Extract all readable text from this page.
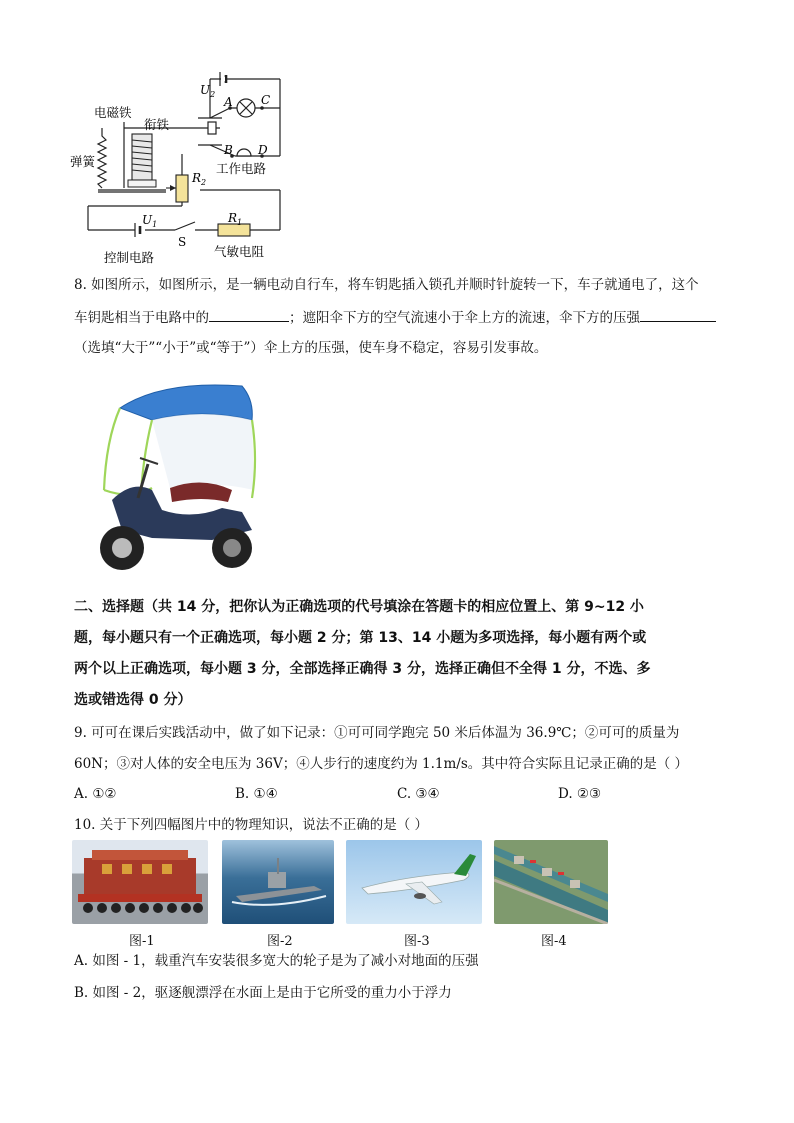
$U_2$
A C
B D
电磁铁
衔铁
弹簧
$R_2$
$U_1$
S
$R_1$
工作电路
控制电路	气敏电阻
8. 如图所示，如图所示，是一辆电动自行车，将车钥匙插入锁孔并顺时针旋转一下，车子就通电了，这个
车钥匙相当于电路中的	；遮阳伞下方的空气流速小于伞上方的流速，伞下方的压强
（选填“大于”“小于”或“等于”）伞上方的压强，使车身不稳定，容易引发事故。
二、选择题（共 14 分，把你认为正确选项的代号填涂在答题卡的相应位置上、第 9~12 小
题，每小题只有一个正确选项，每小题 2 分；第 13、14 小题为多项选择，每小题有两个或
两个以上正确选项，每小题 3 分，全部选择正确得 3 分，选择正确但不全得 1 分，不选、多
选或错选得 0 分）
9. 可可在课后实践活动中，做了如下记录：①可可同学跑完 50 米后体温为 36.9℃；②可可的质量为
60N；③对人体的安全电压为 36V；④人步行的速度约为 1.1m/s。其中符合实际且记录正确的是（ ）
A. ①②	B. ①④	C. ③④	D. ②③
10. 关于下列四幅图片中的物理知识，说法不正确的是（ ）
图-1	图-2	图-3	图-4
A. 如图 - 1，载重汽车安装很多宽大的轮子是为了减小对地面的压强
B. 如图 - 2，驱逐舰漂浮在水面上是由于它所受的重力小于浮力
